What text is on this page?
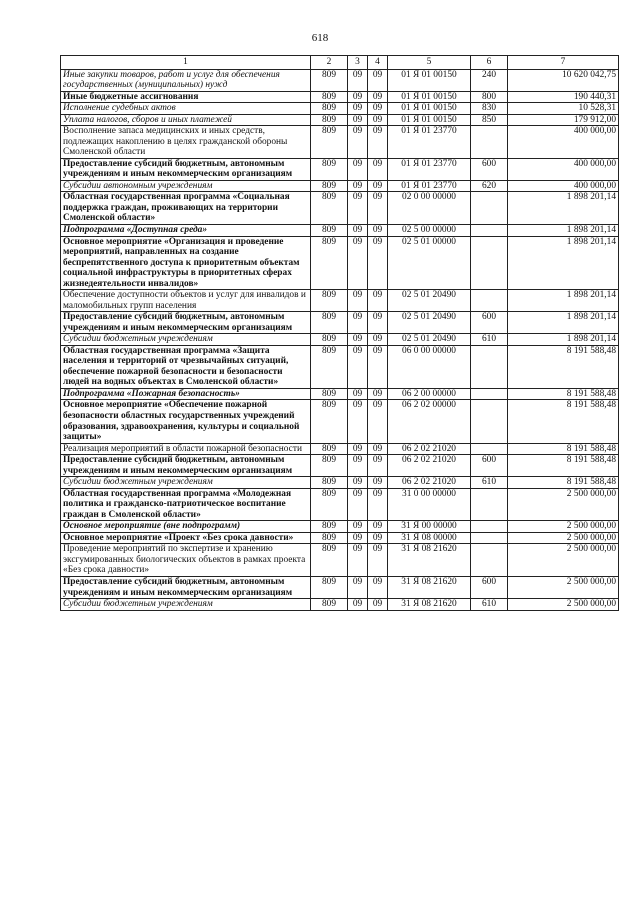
618
1	2	3	4	5	6	7
Иные закупки товаров, работ и услуг для обеспечения государственных (муниципальных) нужд	809	09	09	01 Я 01 00150	240	10 620 042,75
Иные бюджетные ассигнования	809	09	09	01 Я 01 00150	800	190 440,31
Исполнение судебных актов	809	09	09	01 Я 01 00150	830	10 528,31
Уплата налогов, сборов и иных платежей	809	09	09	01 Я 01 00150	850	179 912,00
Восполнение запаса медицинских и иных средств, подлежащих накоплению в целях гражданской обороны Смоленской области	809	09	09	01 Я 01 23770		400 000,00
Предоставление субсидий бюджетным, автономным учреждениям и иным некоммерческим организациям	809	09	09	01 Я 01 23770	600	400 000,00
Субсидии автономным учреждениям	809	09	09	01 Я 01 23770	620	400 000,00
Областная государственная программа «Социальная поддержка граждан, проживающих на территории Смоленской области»	809	09	09	02 0 00 00000		1 898 201,14
Подпрограмма «Доступная среда»	809	09	09	02 5 00 00000		1 898 201,14
Основное мероприятие «Организация и проведение мероприятий, направленных на создание беспрепятственного доступа к приоритетным объектам социальной инфраструктуры в приоритетных сферах жизнедеятельности инвалидов»	809	09	09	02 5 01 00000		1 898 201,14
Обеспечение доступности объектов и услуг для инвалидов и маломобильных групп населения	809	09	09	02 5 01 20490		1 898 201,14
Предоставление субсидий бюджетным, автономным учреждениям и иным некоммерческим организациям	809	09	09	02 5 01 20490	600	1 898 201,14
Субсидии бюджетным учреждениям	809	09	09	02 5 01 20490	610	1 898 201,14
Областная государственная программа «Защита населения и территорий от чрезвычайных ситуаций, обеспечение пожарной безопасности и безопасности людей на водных объектах в Смоленской области»	809	09	09	06 0 00 00000		8 191 588,48
Подпрограмма «Пожарная безопасность»	809	09	09	06 2 00 00000		8 191 588,48
Основное мероприятие «Обеспечение пожарной безопасности областных государственных учреждений образования, здравоохранения, культуры и социальной защиты»	809	09	09	06 2 02 00000		8 191 588,48
Реализация мероприятий в области пожарной безопасности	809	09	09	06 2 02 21020		8 191 588,48
Предоставление субсидий бюджетным, автономным учреждениям и иным некоммерческим организациям	809	09	09	06 2 02 21020	600	8 191 588,48
Субсидии бюджетным учреждениям	809	09	09	06 2 02 21020	610	8 191 588,48
Областная государственная программа «Молодежная политика и гражданско-патриотическое воспитание граждан в Смоленской области»	809	09	09	31 0 00 00000		2 500 000,00
Основное мероприятие (вне подпрограмм)	809	09	09	31 Я 00 00000		2 500 000,00
Основное мероприятие «Проект «Без срока давности»	809	09	09	31 Я 08 00000		2 500 000,00
Проведение мероприятий по экспертизе и хранению эксгумированных биологических объектов в рамках проекта «Без срока давности»	809	09	09	31 Я 08 21620		2 500 000,00
Предоставление субсидий бюджетным, автономным учреждениям и иным некоммерческим организациям	809	09	09	31 Я 08 21620	600	2 500 000,00
Субсидии бюджетным учреждениям	809	09	09	31 Я 08 21620	610	2 500 000,00
